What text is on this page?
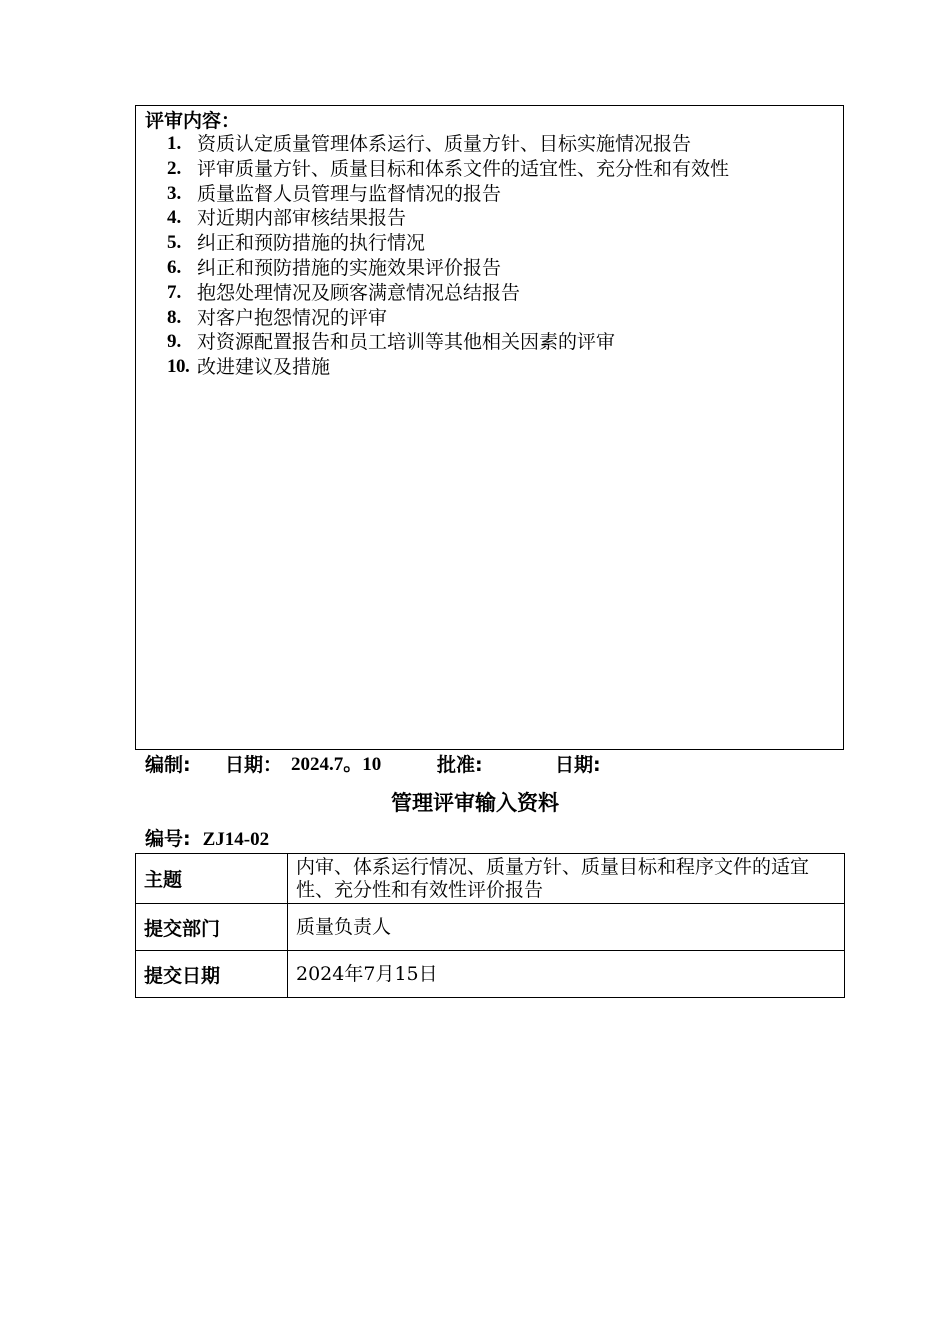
评审内容：
1. 资质认定质量管理体系运行、质量方针、目标实施情况报告
2. 评审质量方针、质量目标和体系文件的适宜性、充分性和有效性
3. 质量监督人员管理与监督情况的报告
4. 对近期内部审核结果报告
5. 纠正和预防措施的执行情况
6. 纠正和预防措施的实施效果评价报告
7. 抱怨处理情况及顾客满意情况总结报告
8. 对客户抱怨情况的评审
9. 对资源配置报告和员工培训等其他相关因素的评审
10. 改进建议及措施
编制: 日期： 2024.7。10	批准:	日期:
管理评审输入资料
编号: ZJ14-02
主题	内审、体系运行情况、质量方针、质量目标和程序文件的适宜性、充分性和有效性评价报告
提交部门	质量负责人
提交日期	2024年7月15日
